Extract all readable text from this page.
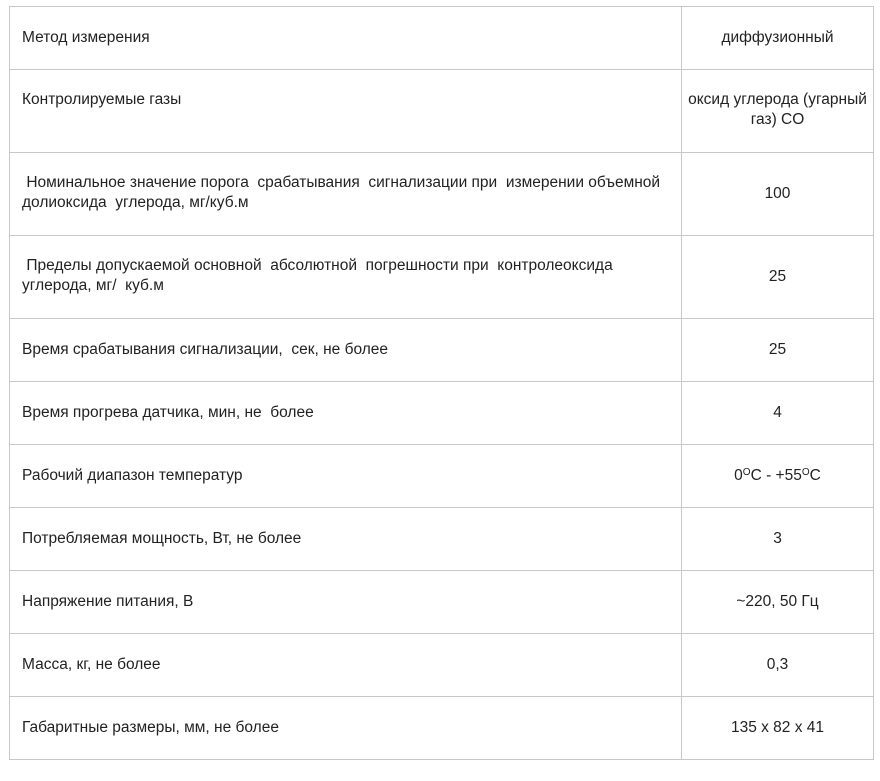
Метод измерения	диффузионный
Контролируемые газы	оксид углерода (угарный газ) CO
Номинальное значение порога  срабатывания  сигнализации при  измерении объемной  долиоксида  углерода, мг/куб.м	100
Пределы допускаемой основной  абсолютной  погрешности при  контролеоксида углерода, мг/  куб.м	25
Время срабатывания сигнализации,  сек, не более	25
Время прогрева датчика, мин, не  более	4
Рабочий диапазон температур	$0^OC - +55^OC$
Потребляемая мощность, Вт, не более	3
Напряжение питания, В	~220, 50 Гц
Масса, кг, не более	0,3
Габаритные размеры, мм, не более	135 x 82 x 41
